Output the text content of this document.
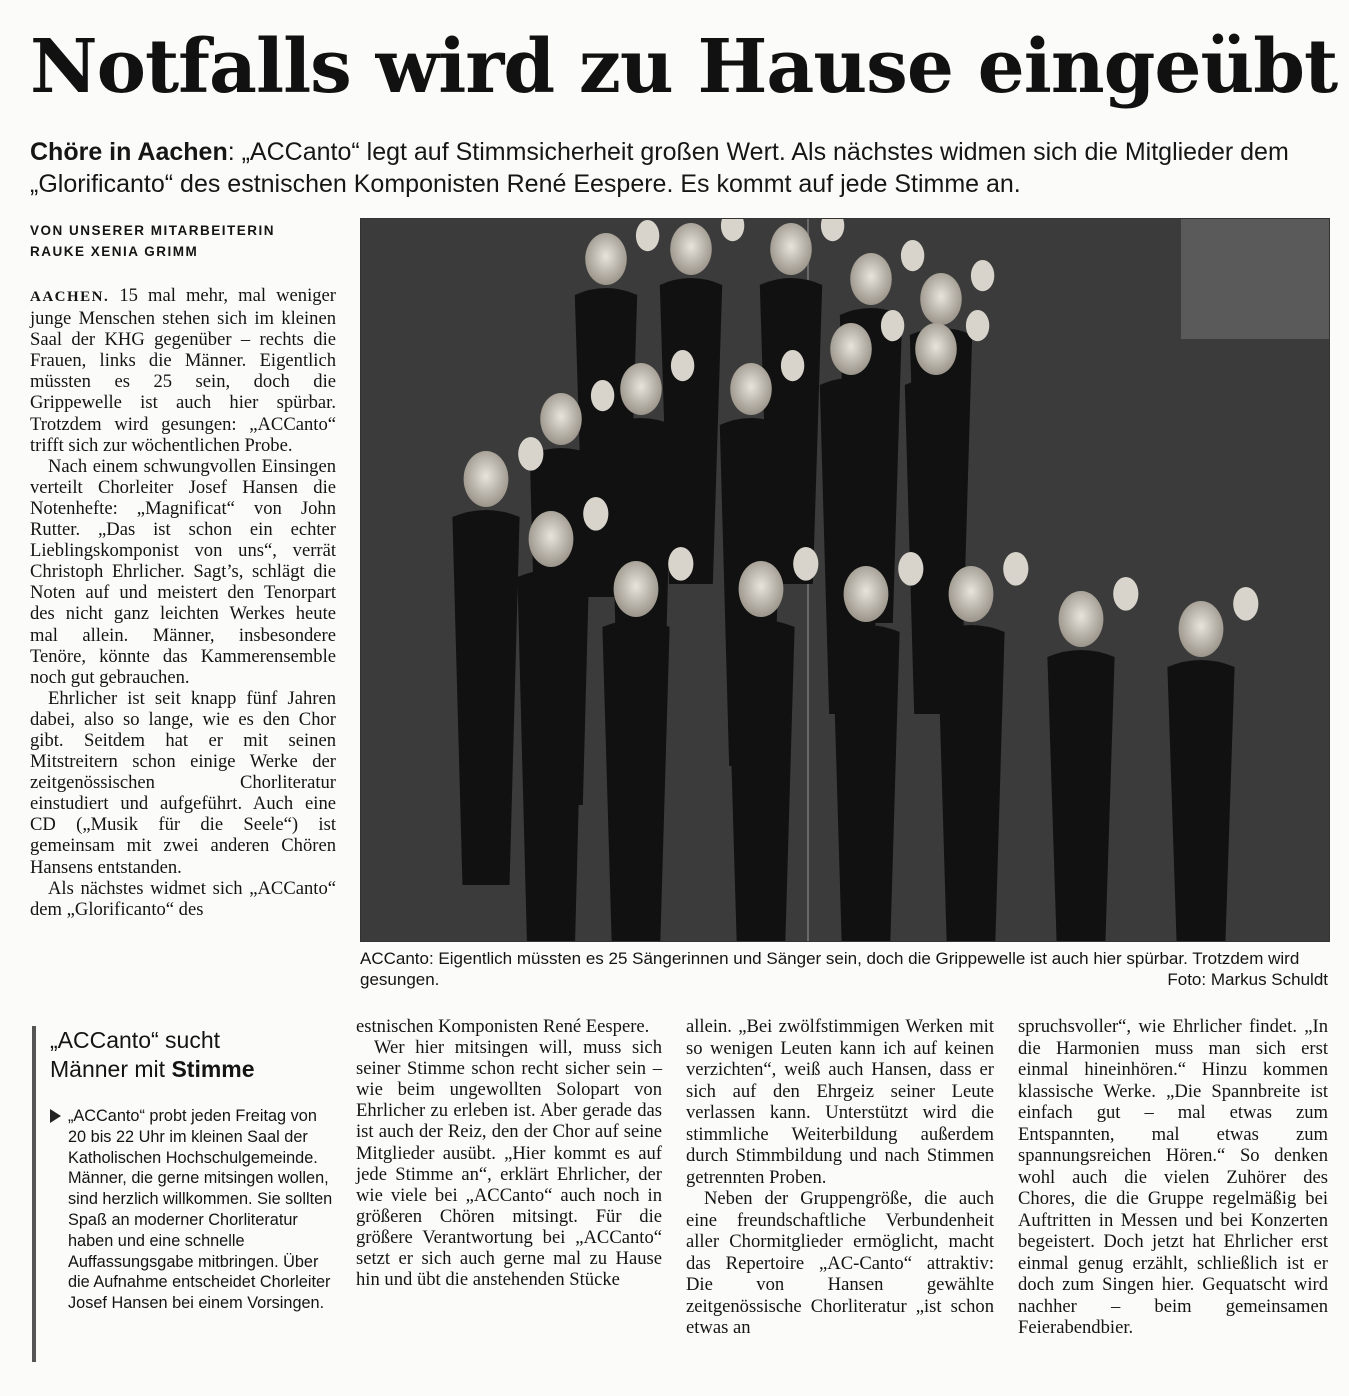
Notfalls wird zu Hause eingeübt
Chöre in Aachen: „ACCanto“ legt auf Stimmsicherheit großen Wert. Als nächstes widmen sich die Mitglieder dem „Glorificanto“ des estnischen Komponisten René Eespere. Es kommt auf jede Stimme an.
VON UNSERER MITARBEITERIN
RAUKE XENIA GRIMM

AACHEN. 15 mal mehr, mal weniger junge Menschen stehen sich im kleinen Saal der KHG gegenüber – rechts die Frauen, links die Männer. Eigentlich müssten es 25 sein, doch die Grippewelle ist auch hier spürbar. Trotzdem wird gesungen: „ACCanto“ trifft sich zur wöchentlichen Probe.

Nach einem schwungvollen Einsingen verteilt Chorleiter Josef Hansen die Notenhefte: „Magnificat“ von John Rutter. „Das ist schon ein echter Lieblingskomponist von uns“, verrät Christoph Ehrlicher. Sagt’s, schlägt die Noten auf und meistert den Tenorpart des nicht ganz leichten Werkes heute mal allein. Männer, insbesondere Tenöre, könnte das Kammerensemble noch gut gebrauchen.

Ehrlicher ist seit knapp fünf Jahren dabei, also so lange, wie es den Chor gibt. Seitdem hat er mit seinen Mitstreitern schon einige Werke der zeitgenössischen Chorliteratur einstudiert und aufgeführt. Auch eine CD („Musik für die Seele“) ist gemeinsam mit zwei anderen Chören Hansens entstanden.

Als nächstes widmet sich „ACCanto“ dem „Glorificanto“ des

ACCanto: Eigentlich müssten es 25 Sängerinnen und Sänger sein, doch die Grippewelle ist auch hier spürbar. Trotzdem wird gesungen.	Foto: Markus Schuldt
„ACCanto“ sucht
Männer mit Stimme
„ACCanto“ probt jeden Freitag von 20 bis 22 Uhr im kleinen Saal der Katholischen Hochschulgemeinde. Männer, die gerne mitsingen wollen, sind herzlich willkommen. Sie sollten Spaß an moderner Chorliteratur haben und eine schnelle Auffassungsgabe mitbringen. Über die Aufnahme entscheidet Chorleiter Josef Hansen bei einem Vorsingen.

estnischen Komponisten René Eespere.

Wer hier mitsingen will, muss sich seiner Stimme schon recht sicher sein – wie beim ungewollten Solopart von Ehrlicher zu erleben ist. Aber gerade das ist auch der Reiz, den der Chor auf seine Mitglieder ausübt. „Hier kommt es auf jede Stimme an“, erklärt Ehrlicher, der wie viele bei „ACCanto“ auch noch in größeren Chören mitsingt. Für die größere Verantwortung bei „ACCanto“ setzt er sich auch gerne mal zu Hause hin und übt die anstehenden Stücke

allein. „Bei zwölfstimmigen Werken mit so wenigen Leuten kann ich auf keinen verzichten“, weiß auch Hansen, dass er sich auf den Ehrgeiz seiner Leute verlassen kann. Unterstützt wird die stimmliche Weiterbildung außerdem durch Stimmbildung und nach Stimmen getrennten Proben.

Neben der Gruppengröße, die auch eine freundschaftliche Verbundenheit aller Chormitglieder ermöglicht, macht das Repertoire „AC-Canto“ attraktiv: Die von Hansen gewählte zeitgenössische Chorliteratur „ist schon etwas an

spruchsvoller“, wie Ehrlicher findet. „In die Harmonien muss man sich erst einmal hineinhören.“ Hinzu kommen klassische Werke. „Die Spannbreite ist einfach gut – mal etwas zum Entspannten, mal etwas zum spannungsreichen Hören.“ So denken wohl auch die vielen Zuhörer des Chores, die die Gruppe regelmäßig bei Auftritten in Messen und bei Konzerten begeistert. Doch jetzt hat Ehrlicher erst einmal genug erzählt, schließlich ist er doch zum Singen hier. Gequatscht wird nachher – beim gemeinsamen Feierabendbier.
